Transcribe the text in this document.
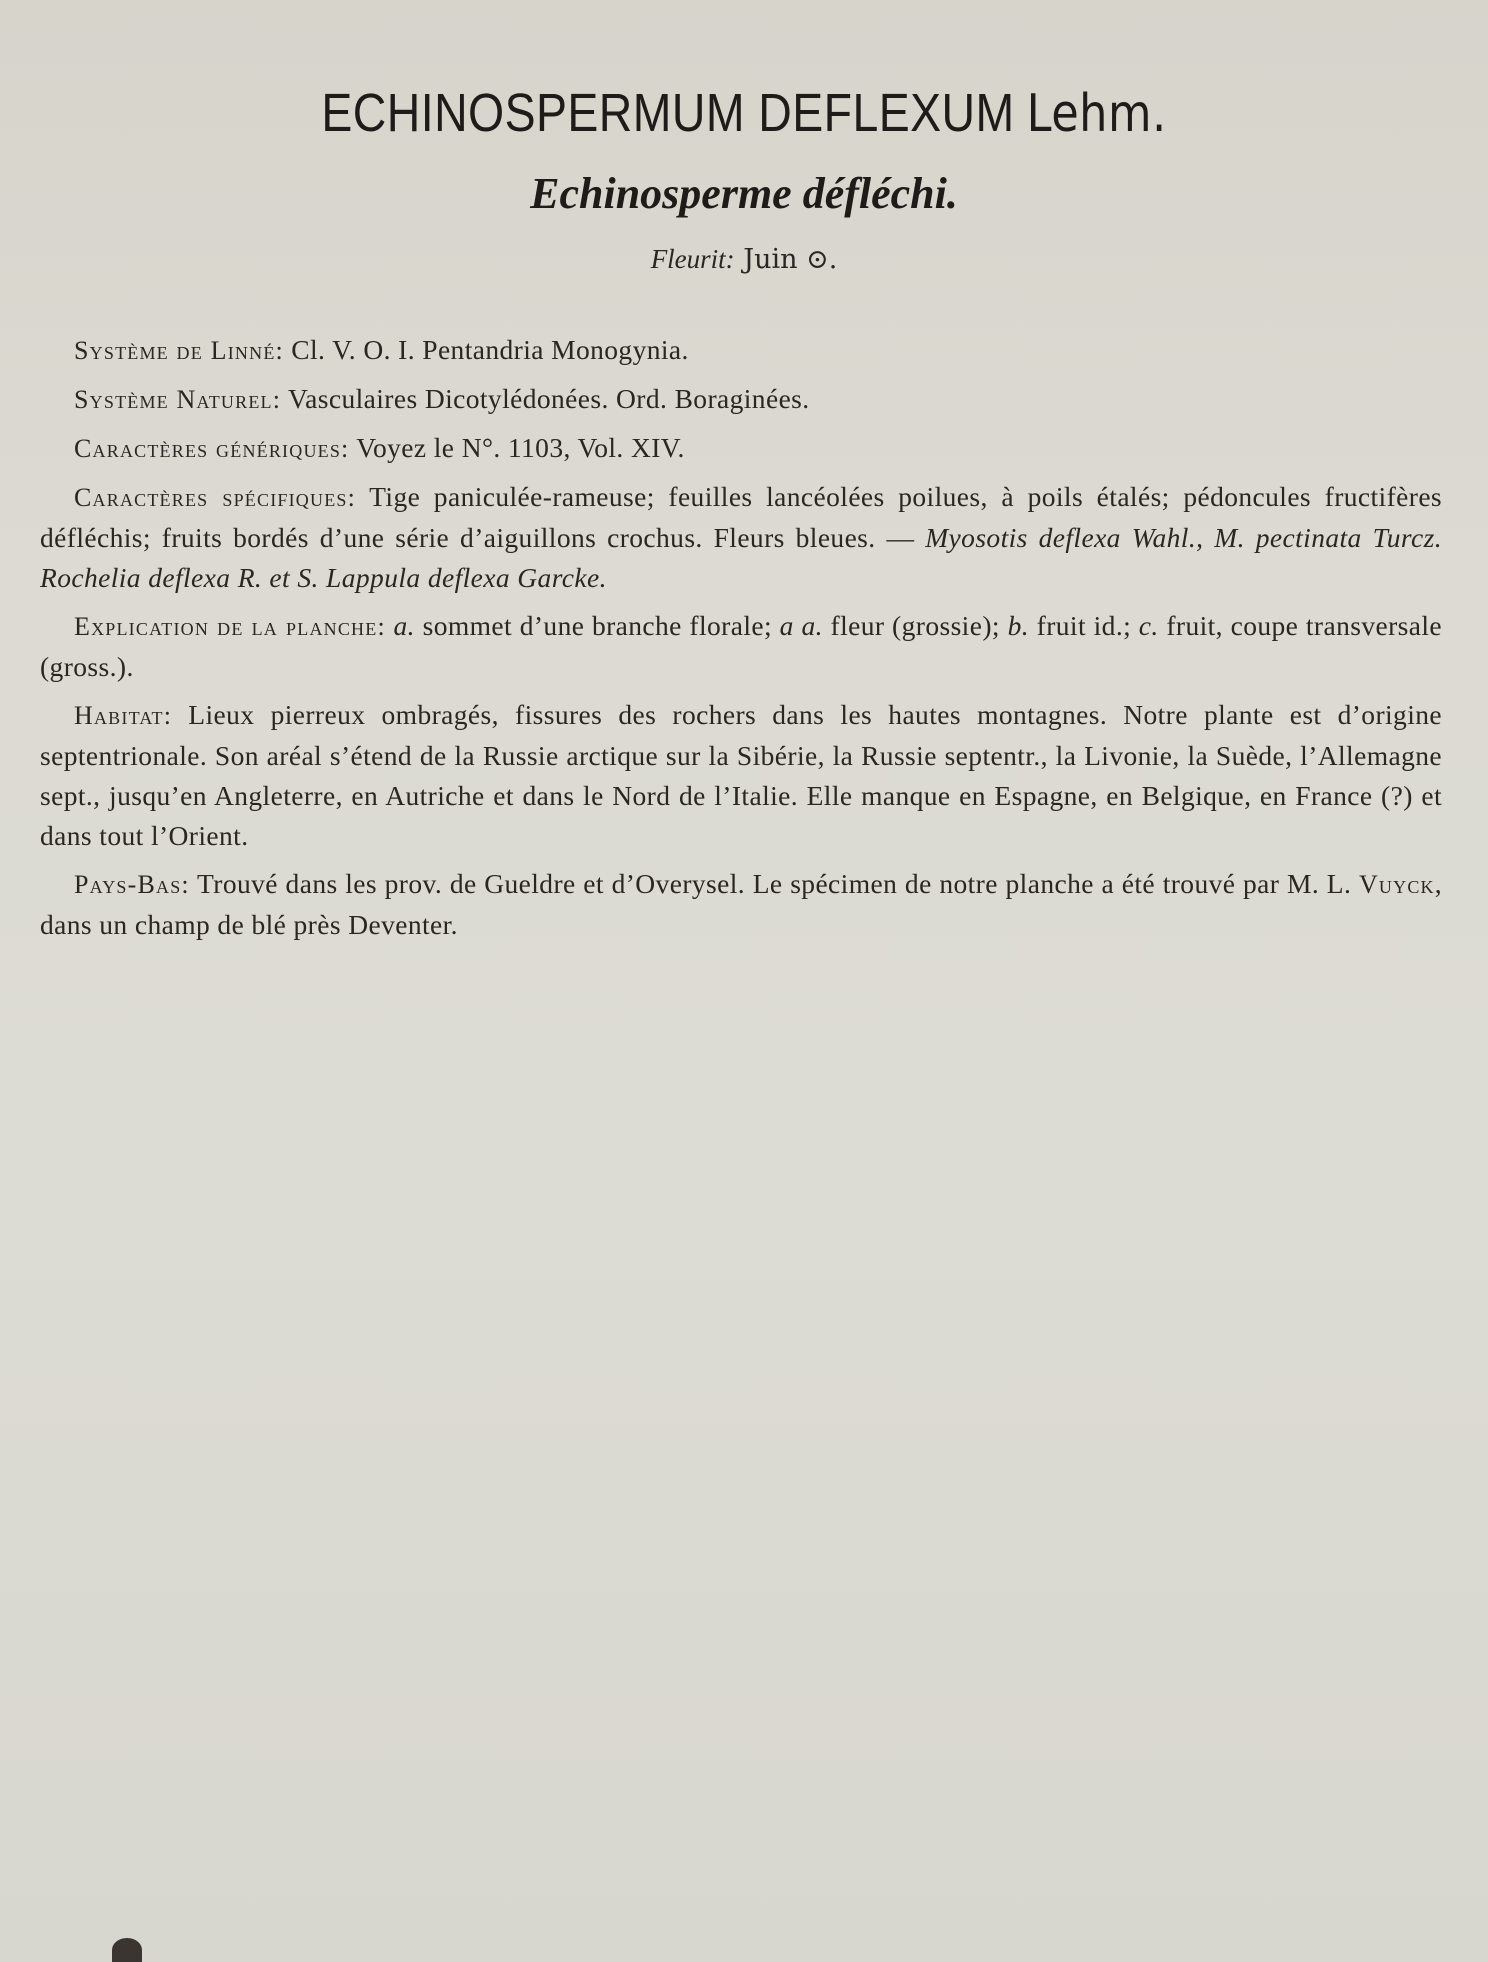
ECHINOSPERMUM DEFLEXUM Lehm.
Echinosperme défléchi.
Fleurit: Juin ⊙.

Système de Linné: Cl. V. O. I. Pentandria Monogynia.

Système Naturel: Vasculaires Dicotylédonées. Ord. Boraginées.

Caractères génériques: Voyez le N°. 1103, Vol. XIV.

Caractères spécifiques: Tige paniculée-rameuse; feuilles lancéolées poilues, à poils étalés; pédoncules fructifères défléchis; fruits bordés d’une série d’aiguillons crochus. Fleurs bleues. — Myosotis deflexa Wahl., M. pectinata Turcz. Rochelia deflexa R. et S. Lappula deflexa Garcke.

Explication de la planche: a. sommet d’une branche florale; a a. fleur (grossie); b. fruit id.; c. fruit, coupe transversale (gross.).

Habitat: Lieux pierreux ombragés, fissures des rochers dans les hautes montagnes. Notre plante est d’origine septentrionale. Son aréal s’étend de la Russie arctique sur la Sibérie, la Russie septentr., la Livonie, la Suède, l’Allemagne sept., jusqu’en Angleterre, en Autriche et dans le Nord de l’Italie. Elle manque en Espagne, en Belgique, en France (?) et dans tout l’Orient.

Pays-Bas: Trouvé dans les prov. de Gueldre et d’Overysel. Le spécimen de notre planche a été trouvé par M. L. Vuyck, dans un champ de blé près Deventer.
